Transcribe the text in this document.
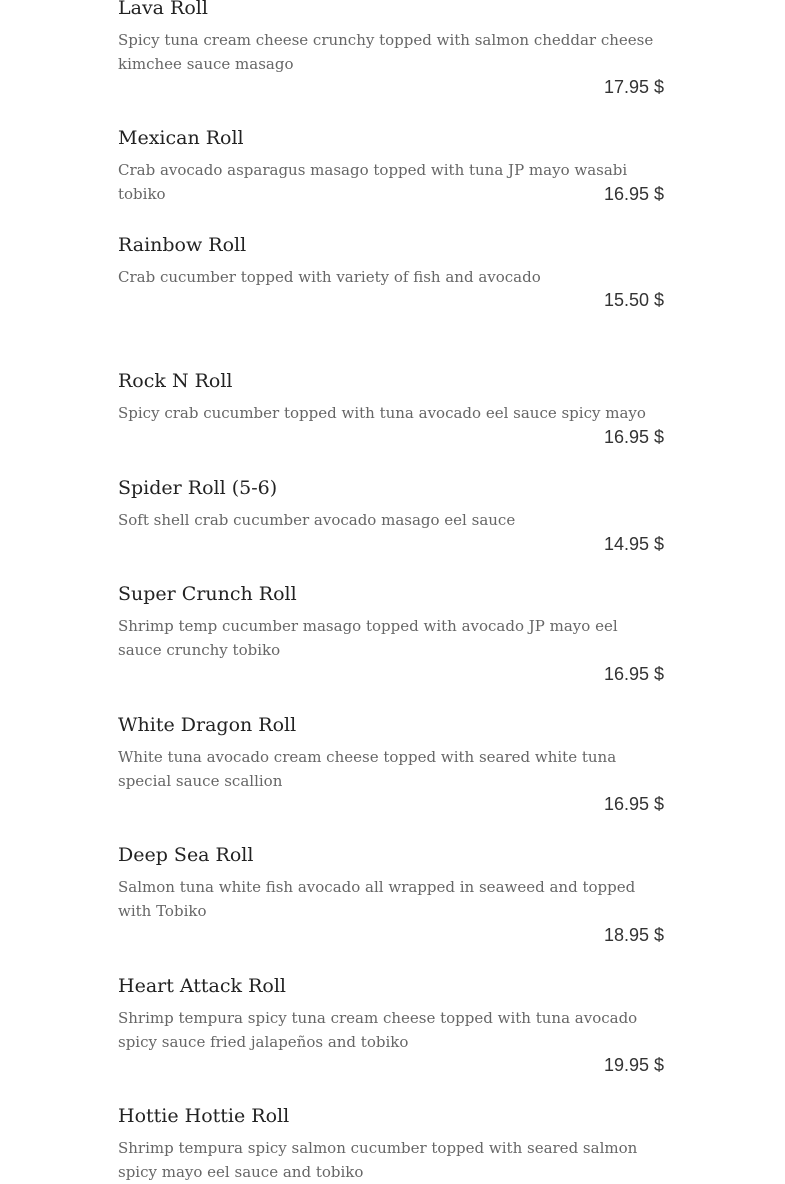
Lava Roll

Spicy tuna cream cheese crunchy topped with salmon cheddar cheese kimchee sauce masago

17.95 $
Mexican Roll

Crab avocado asparagus masago topped with tuna JP mayo wasabi tobiko	16.95 $
Rainbow Roll

Crab cucumber topped with variety of fish and avocado

15.50 $
Rock N Roll

Spicy crab cucumber topped with tuna avocado eel sauce spicy mayo

16.95 $
Spider Roll (5-6)

Soft shell crab cucumber avocado masago eel sauce

14.95 $
Super Crunch Roll

Shrimp temp cucumber masago topped with avocado JP mayo eel sauce crunchy tobiko

16.95 $
White Dragon Roll

White tuna avocado cream cheese topped with seared white tuna special sauce scallion

16.95 $
Deep Sea Roll

Salmon tuna white fish avocado all wrapped in seaweed and topped with Tobiko

18.95 $
Heart Attack Roll

Shrimp tempura spicy tuna cream cheese topped with tuna avocado spicy sauce fried jalapeños and tobiko

19.95 $
Hottie Hottie Roll

Shrimp tempura spicy salmon cucumber topped with seared salmon spicy mayo eel sauce and tobiko
